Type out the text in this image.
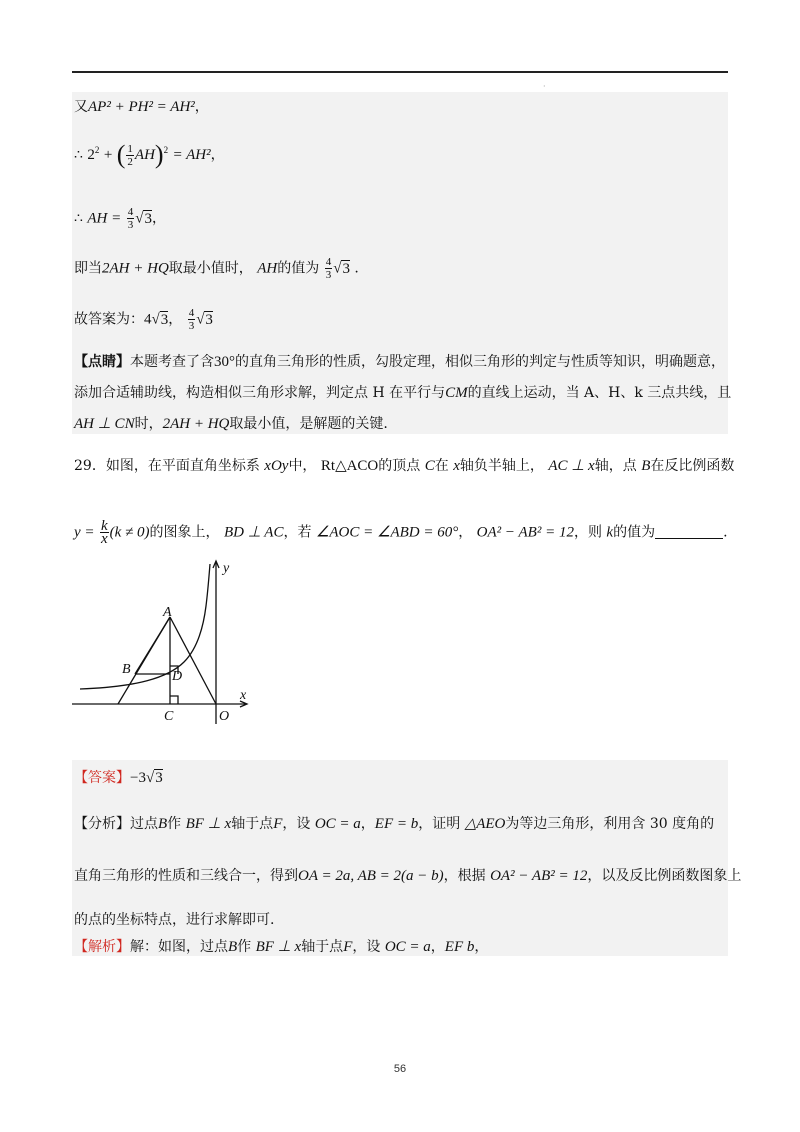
·
又AP² + PH² = AH²，
∴ $2^2$ + ( $\frac{1}{2} AH)^2 = AH^2$，
∴ AH = $\frac{4}{3} √3$，
即当2AH + HQ取最小值时， AH的值为 $\frac{4}{3} √3$ .
故答案为：4√3， $\frac{4}{3} √3$
【点睛】本题考查了含30°的直角三角形的性质，勾股定理，相似三角形的判定与性质等知识，明确题意，
添加合适辅助线，构造相似三角形求解，判定点 H 在平行与CM的直线上运动，当 A、H、k 三点共线，且
AH ⊥ CN时，2AH + HQ取最小值，是解题的关键.
29．如图，在平面直角坐标系 xOy中， Rt△ACO的顶点 C在 x轴负半轴上， AC ⊥ x轴，点 B在反比例函数
$y = \frac{k}{x} (k \ne 0)$的图象上， BD ⊥ AC，若 ∠AOC = ∠ABD = 60°， OA² − AB² = 12，则 k的值为	.
y
x
A
B	D
C	O
【答案】−3√3
【分析】过点B作 BF ⊥ x轴于点F，设 OC = a，EF = b，证明 △AEO为等边三角形，利用含 30 度角的
直角三角形的性质和三线合一，得到OA = 2a, AB = 2(a − b)，根据 OA² − AB² = 12，以及反比例函数图象上
的点的坐标特点，进行求解即可.
【解析】解：如图，过点B作 BF ⊥ x轴于点F，设 OC = a，EF b，
56
